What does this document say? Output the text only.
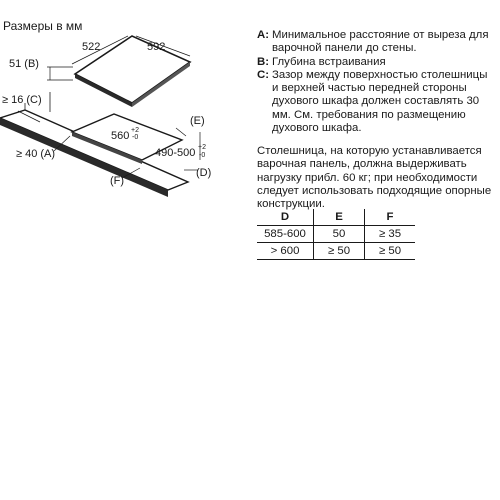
Размеры в мм
522	592
51 (B)
≥ 16 (C)
≥ 40 (A)
(E)
(D)
(F)
560 +2
-0
490-500 +2
-0
A: Минимальное расстояние от выреза для варочной панели до стены.
B: Глубина встраивания
C: Зазор между поверхностью столешницы и верхней частью передней стороны духового шкафа должен составлять 30 мм. См. требования по размещению духового шкафа.
Столешница, на которую устанавливается варочная панель, должна выдерживать нагрузку прибл. 60 кг; при необходимости следует использовать подходящие опорные конструкции.
D	E	F
585-600	50	≥ 35
> 600	≥ 50	≥ 50
